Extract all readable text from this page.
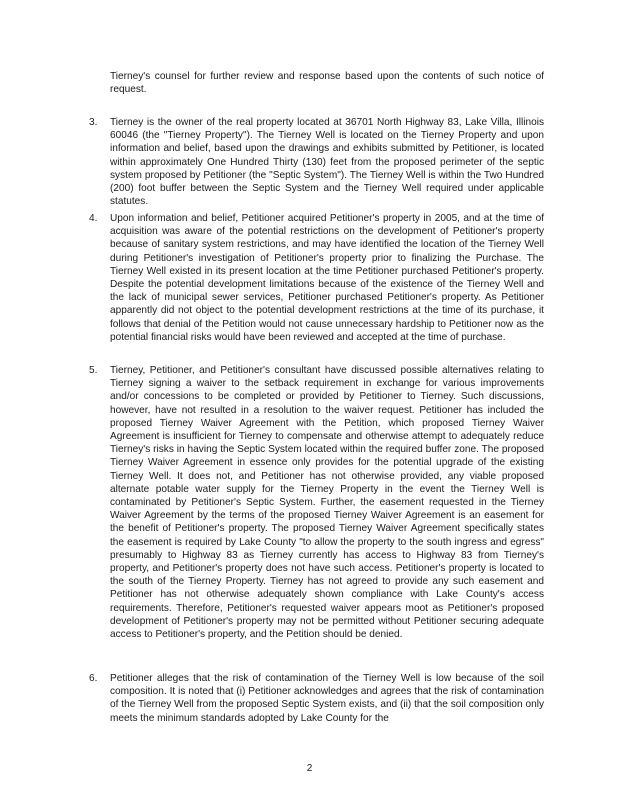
Tierney's counsel for further review and response based upon the contents of such notice of request.

3. Tierney is the owner of the real property located at 36701 North Highway 83, Lake Villa, Illinois 60046 (the "Tierney Property"). The Tierney Well is located on the Tierney Property and upon information and belief, based upon the drawings and exhibits submitted by Petitioner, is located within approximately One Hundred Thirty (130) feet from the proposed perimeter of the septic system proposed by Petitioner (the "Septic System"). The Tierney Well is within the Two Hundred (200) foot buffer between the Septic System and the Tierney Well required under applicable statutes.

4. Upon information and belief, Petitioner acquired Petitioner's property in 2005, and at the time of acquisition was aware of the potential restrictions on the development of Petitioner's property because of sanitary system restrictions, and may have identified the location of the Tierney Well during Petitioner's investigation of Petitioner's property prior to finalizing the Purchase. The Tierney Well existed in its present location at the time Petitioner purchased Petitioner's property. Despite the potential development limitations because of the existence of the Tierney Well and the lack of municipal sewer services, Petitioner purchased Petitioner's property. As Petitioner apparently did not object to the potential development restrictions at the time of its purchase, it follows that denial of the Petition would not cause unnecessary hardship to Petitioner now as the potential financial risks would have been reviewed and accepted at the time of purchase.

5. Tierney, Petitioner, and Petitioner's consultant have discussed possible alternatives relating to Tierney signing a waiver to the setback requirement in exchange for various improvements and/or concessions to be completed or provided by Petitioner to Tierney. Such discussions, however, have not resulted in a resolution to the waiver request. Petitioner has included the proposed Tierney Waiver Agreement with the Petition, which proposed Tierney Waiver Agreement is insufficient for Tierney to compensate and otherwise attempt to adequately reduce Tierney's risks in having the Septic System located within the required buffer zone. The proposed Tierney Waiver Agreement in essence only provides for the potential upgrade of the existing Tierney Well. It does not, and Petitioner has not otherwise provided, any viable proposed alternate potable water supply for the Tierney Property in the event the Tierney Well is contaminated by Petitioner's Septic System. Further, the easement requested in the Tierney Waiver Agreement by the terms of the proposed Tierney Waiver Agreement is an easement for the benefit of Petitioner's property. The proposed Tierney Waiver Agreement specifically states the easement is required by Lake County "to allow the property to the south ingress and egress" presumably to Highway 83 as Tierney currently has access to Highway 83 from Tierney's property, and Petitioner's property does not have such access. Petitioner's property is located to the south of the Tierney Property. Tierney has not agreed to provide any such easement and Petitioner has not otherwise adequately shown compliance with Lake County's access requirements. Therefore, Petitioner's requested waiver appears moot as Petitioner's proposed development of Petitioner's property may not be permitted without Petitioner securing adequate access to Petitioner's property, and the Petition should be denied.

6. Petitioner alleges that the risk of contamination of the Tierney Well is low because of the soil composition. It is noted that (i) Petitioner acknowledges and agrees that the risk of contamination of the Tierney Well from the proposed Septic System exists, and (ii) that the soil composition only meets the minimum standards adopted by Lake County for the

2
